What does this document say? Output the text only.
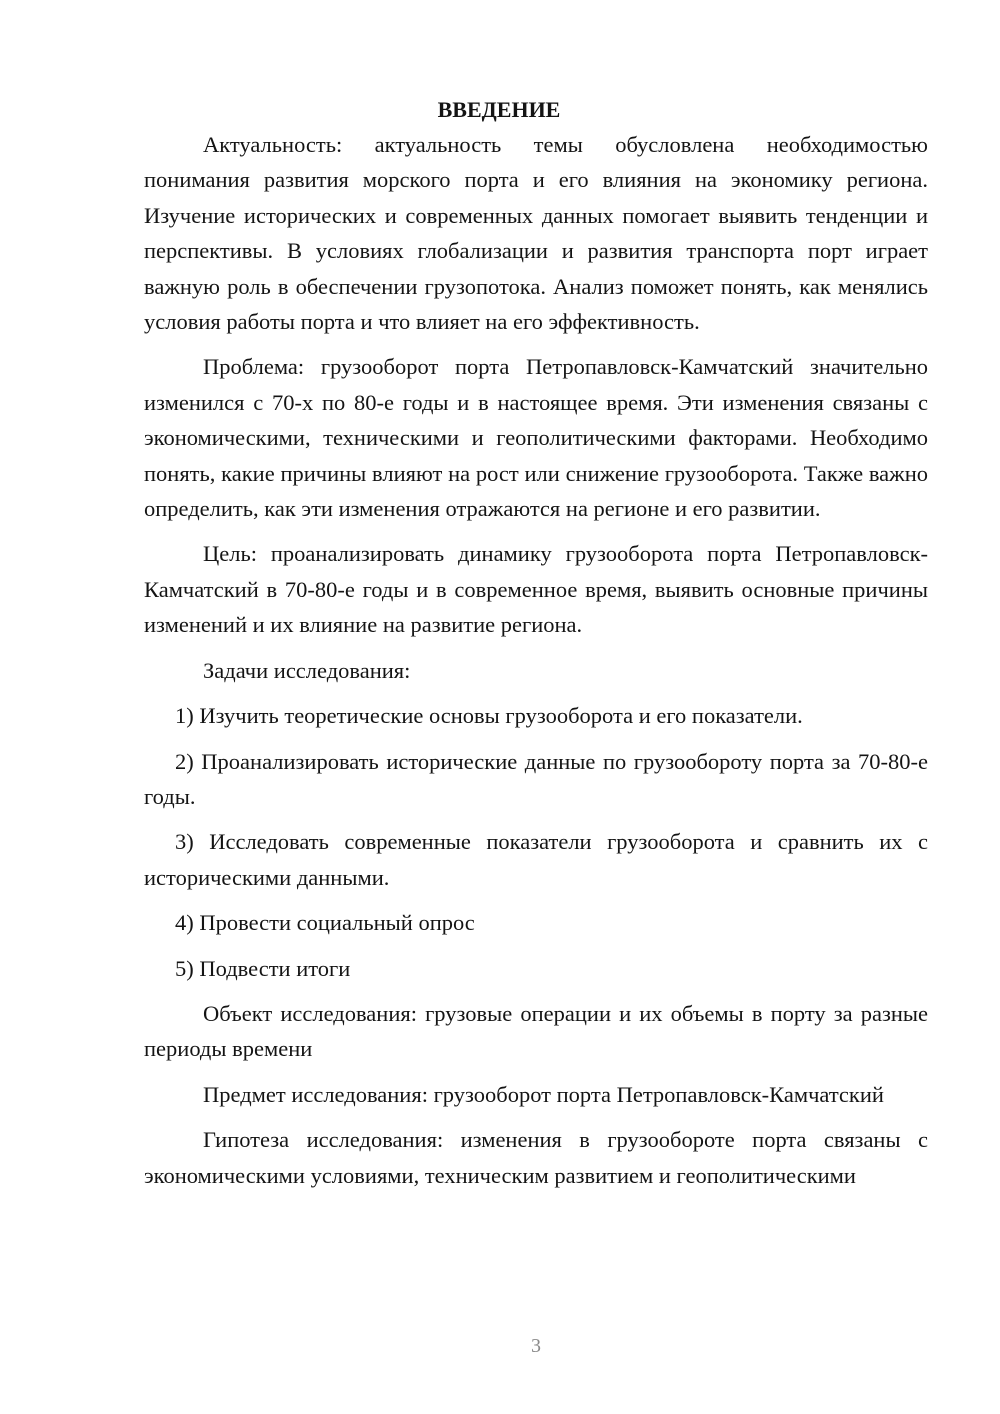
ВВЕДЕНИЕ

Актуальность: актуальность темы обусловлена необходимостью понимания развития морского порта и его влияния на экономику региона. Изучение исторических и современных данных помогает выявить тенденции и перспективы. В условиях глобализации и развития транспорта порт играет важную роль в обеспечении грузопотока. Анализ поможет понять, как менялись условия работы порта и что влияет на его эффективность.

Проблема: грузооборот порта Петропавловск-Камчатский значительно изменился с 70-х по 80-е годы и в настоящее время. Эти изменения связаны с экономическими, техническими и геополитическими факторами. Необходимо понять, какие причины влияют на рост или снижение грузооборота. Также важно определить, как эти изменения отражаются на регионе и его развитии.

Цель: проанализировать динамику грузооборота порта Петропавловск-Камчатский в 70-80-е годы и в современное время, выявить основные причины изменений и их влияние на развитие региона.

Задачи исследования:

1) Изучить теоретические основы грузооборота и его показатели.

2) Проанализировать исторические данные по грузообороту порта за 70-80-е годы.

3) Исследовать современные показатели грузооборота и сравнить их с историческими данными.

4) Провести социальный опрос

5) Подвести итоги

Объект исследования: грузовые операции и их объемы в порту за разные периоды времени

Предмет исследования: грузооборот порта Петропавловск-Камчатский

Гипотеза исследования: изменения в грузообороте порта связаны с экономическими условиями, техническим развитием и геополитическими

3
